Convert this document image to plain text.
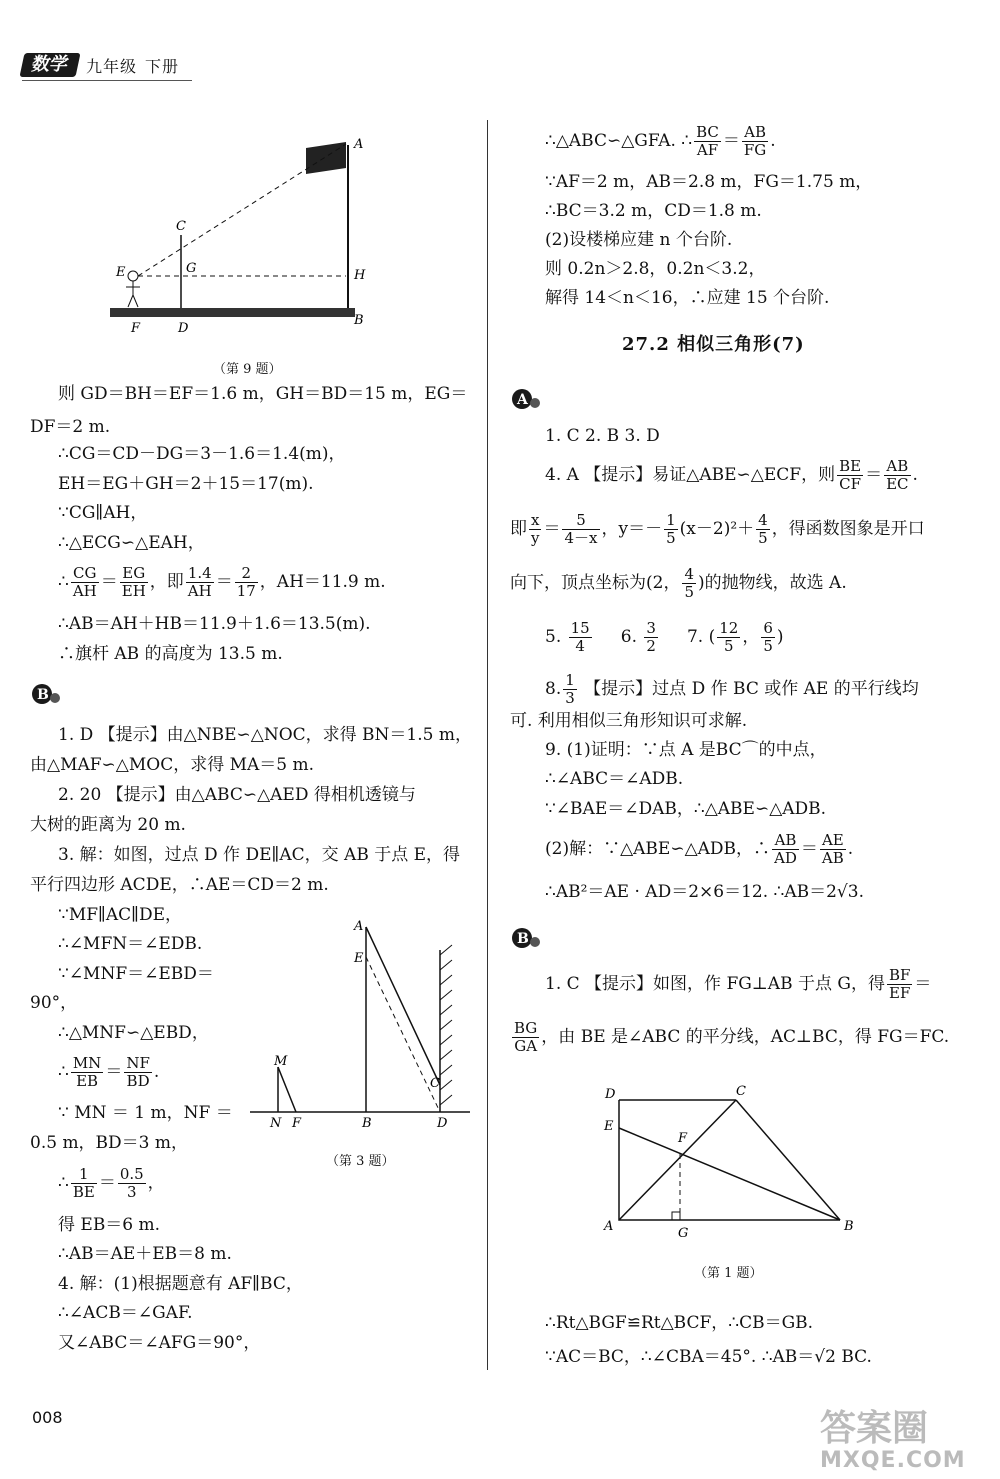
数学 九年级 下册
A
C
E	G	H
F	D
B
（第 9 题）
则 GD＝BH＝EF＝1.6 m，GH＝BD＝15 m，EG＝
DF＝2 m.
∴CG＝CD－DG＝3－1.6＝1.4(m)，
EH＝EG＋GH＝2＋15＝17(m).
∵CG∥AH，
∴△ECG∽△EAH，
∴ $\frac{CG}{AH} = \frac{EG}{EH}$ ，即 $\frac{1.4}{AH} = \frac{2}{17}$ ，AH＝11.9 m.
∴AB＝AH＋HB＝11.9＋1.6＝13.5(m).
∴旗杆 AB 的高度为 13.5 m.
B
1. D 【提示】由△NBE∽△NOC，求得 BN＝1.5 m，
由△MAF∽△MOC，求得 MA＝5 m.
2. 20 【提示】由△ABC∽△AED 得相机透镜与
大树的距离为 20 m.
3. 解：如图，过点 D 作 DE∥AC，交 AB 于点 E，得
平行四边形 ACDE，∴AE＝CD＝2 m.
∵MF∥AC∥DE，
∴∠MFN＝∠EDB.
∵∠MNF＝∠EBD＝
90°，
∴△MNF∽△EBD，
∴ $\frac{MN}{EB} = \frac{NF}{BD}$ .
∵ MN ＝ 1 m，NF ＝
0.5 m，BD＝3 m，
∴ $\frac{1}{BE} = \frac{0.5}{3}$ ，
得 EB＝6 m.
∴AB＝AE＋EB＝8 m.
4. 解：(1)根据题意有 AF∥BC，
∴∠ACB＝∠GAF.
又∠ABC＝∠AFG＝90°，
A
E
M
C
N F	B	D
（第 3 题）
∴△ABC∽△GFA. ∴ $\frac{BC}{AF} = \frac{AB}{FG}$ .
∵AF＝2 m，AB＝2.8 m，FG＝1.75 m，
∴BC＝3.2 m，CD＝1.8 m.
(2)设楼梯应建 n 个台阶.
则 0.2n＞2.8，0.2n＜3.2，
解得 14＜n＜16，∴应建 15 个台阶.
27.2 相似三角形(7)
A
1. C 2. B 3. D
4. A 【提示】易证△ABE∽△ECF，则 $\frac{BE}{CF} = \frac{AB}{EC}$ .
即 $\frac{x}{y} = \frac{5}{4-x}$ ，$y=- \frac{1}{5} (x-2)^2+ \frac{4}{5}$ ，得函数图象是开口
向下，顶点坐标为(2， $\frac{4}{5}$ )的抛物线，故选 A.
5. $\frac{15}{4} 6$. $\frac{3}{2} 7$. ( $\frac{12}{5}$ ， $\frac{6}{5}$ )
8. $\frac{1}{3}$ 【提示】过点 D 作 BC 或作 AE 的平行线均
可. 利用相似三角形知识可求解.
9. (1)证明：∵点 A 是BC⌒的中点，
∴∠ABC＝∠ADB.
∵∠BAE＝∠DAB，∴△ABE∽△ADB.
(2)解：∵△ABE∽△ADB，∴ $\frac{AB}{AD} = \frac{AE}{AB}$ .
∴AB²＝AE · AD＝2×6＝12. ∴AB＝2√3.
B
1. C 【提示】如图，作 FG⊥AB 于点 G，得 $\frac{BF}{EF}$ ＝
$\frac{BG}{GA}$ ，由 BE 是∠ABC 的平分线，AC⊥BC，得 FG＝FC.
D	C
E
F
A	G	B
（第 1 题）
∴Rt△BGF≌Rt△BCF，∴CB＝GB.
∵AC＝BC，∴∠CBA＝45°. ∴AB＝√2 BC.
008	答案圈
MXQE.COM
